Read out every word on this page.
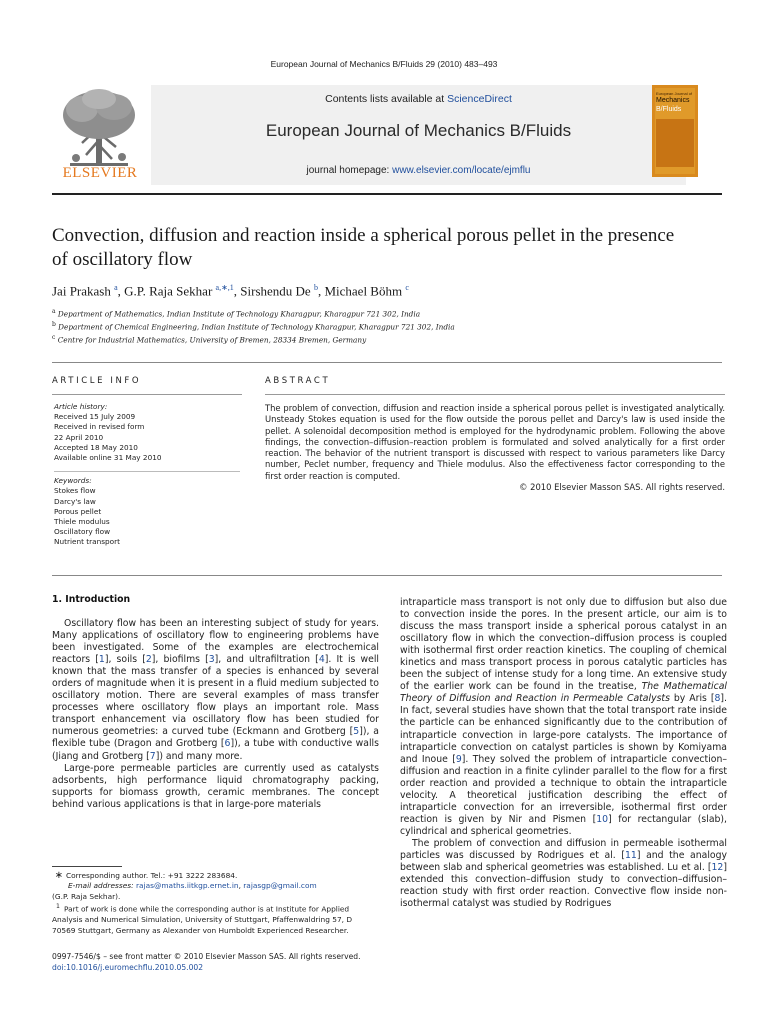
European Journal of Mechanics B/Fluids 29 (2010) 483–493
ELSEVIER
Contents lists available at ScienceDirect
European Journal of Mechanics B/Fluids
journal homepage: www.elsevier.com/locate/ejmflu
European Journal of
Mechanics
B/Fluids
Convection, diffusion and reaction inside a spherical porous pellet in the presence of oscillatory flow
Jai Prakash $^a$, G.P. Raja Sekhar $^{a,∗,1}$, Sirshendu De $^b$, Michael Böhm $^c$
$^a$ Department of Mathematics, Indian Institute of Technology Kharagpur, Kharagpur 721 302, India
$^b$ Department of Chemical Engineering, Indian Institute of Technology Kharagpur, Kharagpur 721 302, India
$^c$ Centre for Industrial Mathematics, University of Bremen, 28334 Bremen, Germany
ARTICLE INFO	ABSTRACT
Article history:
Received 15 July 2009
Received in revised form
22 April 2010
Accepted 18 May 2010
Available online 31 May 2010
Keywords:
Stokes flow
Darcy's law
Porous pellet
Thiele modulus
Oscillatory flow
Nutrient transport
The problem of convection, diffusion and reaction inside a spherical porous pellet is investigated analytically. Unsteady Stokes equation is used for the flow outside the porous pellet and Darcy's law is used inside the pellet. A solenoidal decomposition method is employed for the hydrodynamic problem. Following the above findings, the convection–diffusion–reaction problem is formulated and solved analytically for a first order reaction. The behavior of the nutrient transport is discussed with respect to various parameters like Darcy number, Peclet number, frequency and Thiele modulus. Also the effectiveness factor corresponding to the first order reaction is computed.
© 2010 Elsevier Masson SAS. All rights reserved.
1. Introduction

Oscillatory flow has been an interesting subject of study for years. Many applications of oscillatory flow to engineering problems have been investigated. Some of the examples are electrochemical reactors [1], soils [2], biofilms [3], and ultrafiltration [4]. It is well known that the mass transfer of a species is enhanced by several orders of magnitude when it is present in a fluid medium subjected to oscillatory motion. There are several examples of mass transfer processes where oscillatory flow plays an important role. Mass transport enhancement via oscillatory flow has been studied for numerous geometries: a curved tube (Eckmann and Grotberg [5]), a flexible tube (Dragon and Grotberg [6]), a tube with conductive walls (Jiang and Grotberg [7]) and many more.

Large-pore permeable particles are currently used as catalysts adsorbents, high performance liquid chromatography packing, supports for biomass growth, ceramic membranes. The concept behind various applications is that in large-pore materials

intraparticle mass transport is not only due to diffusion but also due to convection inside the pores. In the present article, our aim is to discuss the mass transport inside a spherical porous catalyst in an oscillatory flow in which the convection–diffusion process is coupled with isothermal first order reaction kinetics. The coupling of chemical kinetics and mass transport process in porous catalytic particles has been the subject of intense study for a long time. An extensive study of the earlier work can be found in the treatise, The Mathematical Theory of Diffusion and Reaction in Permeable Catalysts by Aris [8]. In fact, several studies have shown that the total transport rate inside the particle can be enhanced significantly due to the contribution of intraparticle convection in large-pore catalysts. The importance of intraparticle convection on catalyst particles is shown by Komiyama and Inoue [9]. They solved the problem of intraparticle convection–diffusion and reaction in a finite cylinder parallel to the flow for a first order reaction and provided a technique to obtain the intraparticle velocity. A theoretical justification describing the effect of intraparticle convection for an irreversible, isothermal first order reaction is given by Nir and Pismen [10] for rectangular (slab), cylindrical and spherical geometries.

The problem of convection and diffusion in permeable isothermal particles was discussed by Rodrigues et al. [11] and the analogy between slab and spherical geometries was established. Lu et al. [12] extended this convection–diffusion study to convection–diffusion–reaction study with first order reaction. Convective flow inside non-isothermal catalyst was studied by Rodrigues

∗ Corresponding author. Tel.: +91 3222 283684.
E-mail addresses: rajas@maths.iitkgp.ernet.in, rajasgp@gmail.com
(G.P. Raja Sekhar).
$^1$ Part of work is done while the corresponding author is at Institute for Applied Analysis and Numerical Simulation, University of Stuttgart, Pfaffenwaldring 57, D 70569 Stuttgart, Germany as Alexander von Humboldt Experienced Researcher.
0997-7546/$ – see front matter © 2010 Elsevier Masson SAS. All rights reserved.
doi:10.1016/j.euromechflu.2010.05.002
